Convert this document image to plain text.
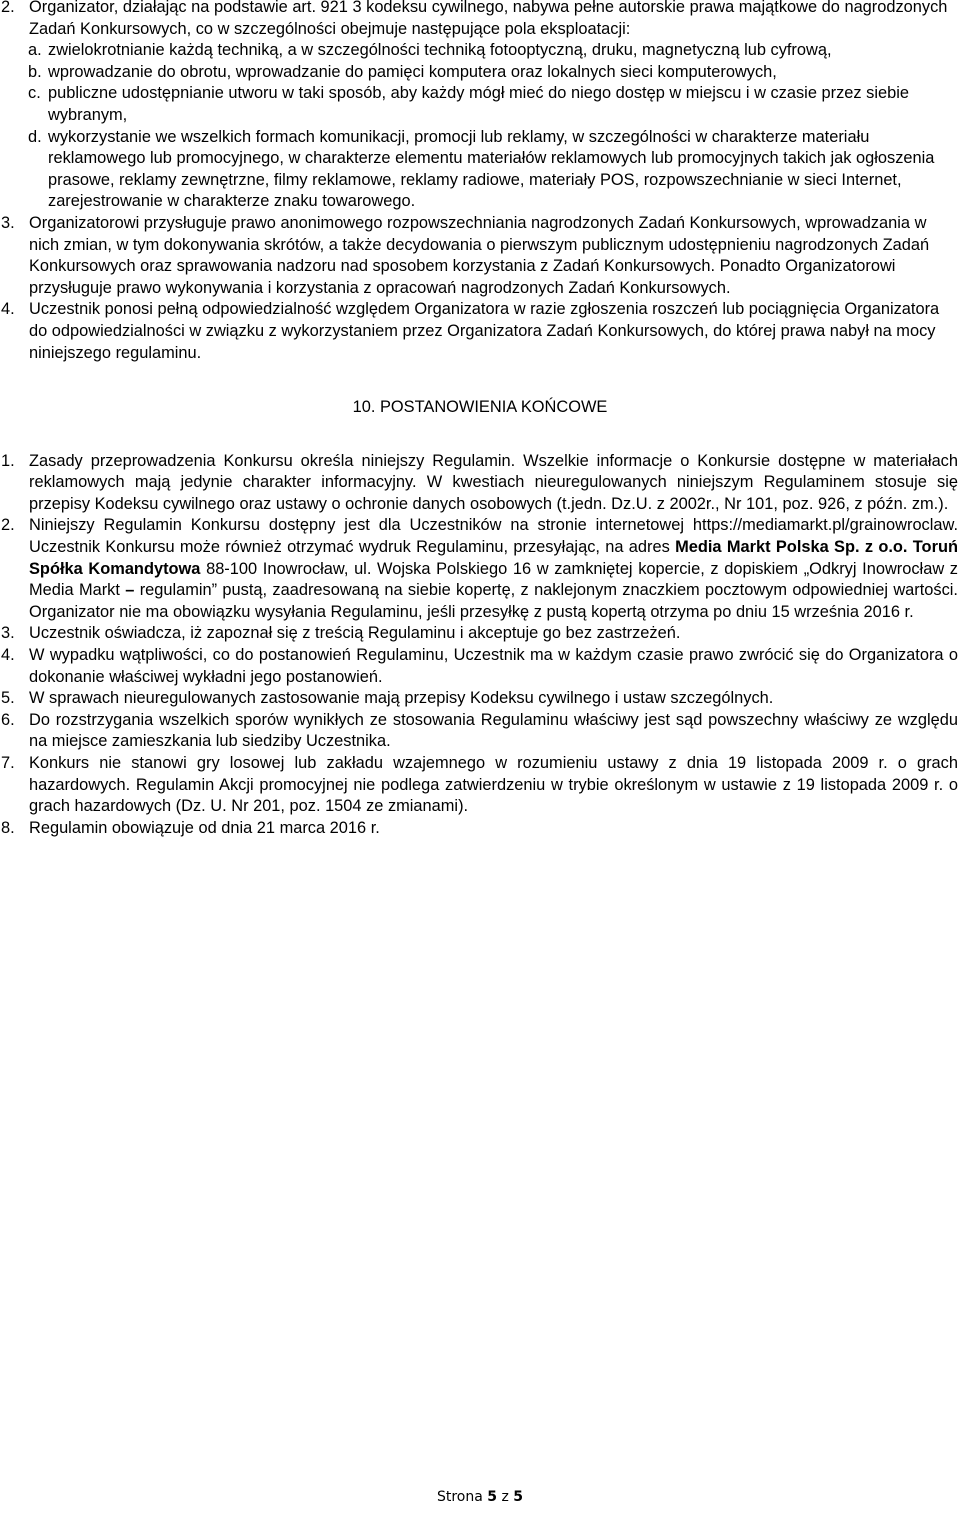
2. Organizator, działając na podstawie art. 921 3 kodeksu cywilnego, nabywa pełne autorskie prawa majątkowe do nagrodzonych Zadań Konkursowych, co w szczególności obejmuje następujące pola eksploatacji:
a. zwielokrotnianie każdą techniką, a w szczególności techniką fotooptyczną, druku, magnetyczną lub cyfrową,
b. wprowadzanie do obrotu, wprowadzanie do pamięci komputera oraz lokalnych sieci komputerowych,
c. publiczne udostępnianie utworu w taki sposób, aby każdy mógł mieć do niego dostęp w miejscu i w czasie przez siebie wybranym,
d. wykorzystanie we wszelkich formach komunikacji, promocji lub reklamy, w szczególności w charakterze materiału reklamowego lub promocyjnego, w charakterze elementu materiałów reklamowych lub promocyjnych takich jak ogłoszenia prasowe, reklamy zewnętrzne, filmy reklamowe, reklamy radiowe, materiały POS, rozpowszechnianie w sieci Internet, zarejestrowanie w charakterze znaku towarowego.
3. Organizatorowi przysługuje prawo anonimowego rozpowszechniania nagrodzonych Zadań Konkursowych, wprowadzania w nich zmian, w tym dokonywania skrótów, a także decydowania o pierwszym publicznym udostępnieniu nagrodzonych Zadań Konkursowych oraz sprawowania nadzoru nad sposobem korzystania z Zadań Konkursowych. Ponadto Organizatorowi przysługuje prawo wykonywania i korzystania z opracowań nagrodzonych Zadań Konkursowych.
4. Uczestnik ponosi pełną odpowiedzialność względem Organizatora w razie zgłoszenia roszczeń lub pociągnięcia Organizatora do odpowiedzialności w związku z wykorzystaniem przez Organizatora Zadań Konkursowych, do której prawa nabył na mocy niniejszego regulaminu.
10. POSTANOWIENIA KOŃCOWE
1. Zasady przeprowadzenia Konkursu określa niniejszy Regulamin. Wszelkie informacje o Konkursie dostępne w materiałach reklamowych mają jedynie charakter informacyjny. W kwestiach nieuregulowanych niniejszym Regulaminem stosuje się przepisy Kodeksu cywilnego oraz ustawy o ochronie danych osobowych (t.jedn. Dz.U. z 2002r., Nr 101, poz. 926, z późn. zm.).
2. Niniejszy Regulamin Konkursu dostępny jest dla Uczestników na stronie internetowej https://mediamarkt.pl/grainowroclaw. Uczestnik Konkursu może również otrzymać wydruk Regulaminu, przesyłając, na adres Media Markt Polska Sp. z o.o. Toruń Spółka Komandytowa 88-100 Inowrocław, ul. Wojska Polskiego 16 w zamkniętej kopercie, z dopiskiem „Odkryj Inowrocław z Media Markt – regulamin” pustą, zaadresowaną na siebie kopertę, z naklejonym znaczkiem pocztowym odpowiedniej wartości. Organizator nie ma obowiązku wysyłania Regulaminu, jeśli przesyłkę z pustą kopertą otrzyma po dniu 15 września 2016 r.
3. Uczestnik oświadcza, iż zapoznał się z treścią Regulaminu i akceptuje go bez zastrzeżeń.
4. W wypadku wątpliwości, co do postanowień Regulaminu, Uczestnik ma w każdym czasie prawo zwrócić się do Organizatora o dokonanie właściwej wykładni jego postanowień.
5. W sprawach nieuregulowanych zastosowanie mają przepisy Kodeksu cywilnego i ustaw szczególnych.
6. Do rozstrzygania wszelkich sporów wynikłych ze stosowania Regulaminu właściwy jest sąd powszechny właściwy ze względu na miejsce zamieszkania lub siedziby Uczestnika.
7. Konkurs nie stanowi gry losowej lub zakładu wzajemnego w rozumieniu ustawy z dnia 19 listopada 2009 r. o grach hazardowych. Regulamin Akcji promocyjnej nie podlega zatwierdzeniu w trybie określonym w ustawie z 19 listopada 2009 r. o grach hazardowych (Dz. U. Nr 201, poz. 1504 ze zmianami).
8. Regulamin obowiązuje od dnia 21 marca 2016 r.
Strona 5 z 5
